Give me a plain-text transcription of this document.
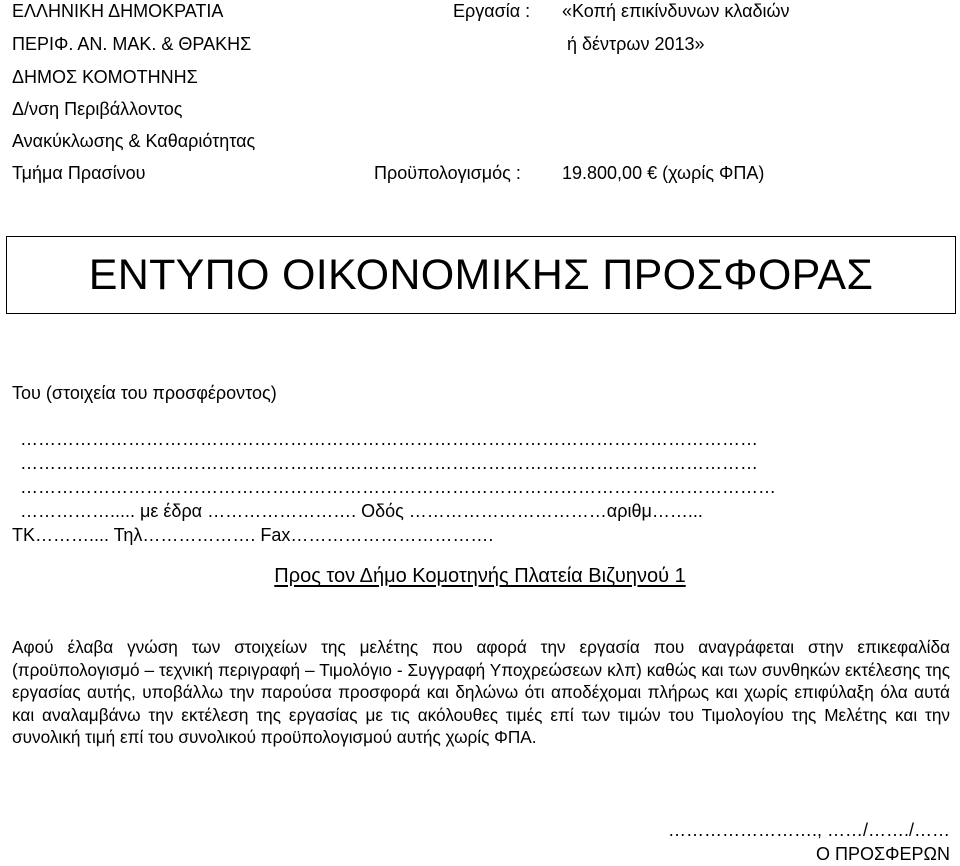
ΕΛΛΗΝΙΚΗ ΔΗΜΟΚΡΑΤΙΑ
ΠΕΡΙΦ. ΑΝ. ΜΑΚ. & ΘΡΑΚΗΣ
ΔΗΜΟΣ ΚΟΜΟΤΗΝΗΣ
Δ/νση Περιβάλλοντος
Ανακύκλωσης & Καθαριότητας
Τμήμα Πρασίνου
Εργασία : «Κοπή επικίνδυνων κλαδιών
ή δέντρων 2013»
Προϋπολογισμός : 19.800,00 € (χωρίς ΦΠΑ)
ΕΝΤΥΠΟ ΟΙΚΟΝΟΜΙΚΗΣ ΠΡΟΣΦΟΡΑΣ
Του (στοιχεία του προσφέροντος)
……………………………………………………………………………………………………………
……………………………………………………………………………………………………………
………………………………………………………………………………………………………………
……………..... με έδρα ……………………. Οδός ……………………………αριθμ……...
ΤΚ……….... Τηλ………………. Fax…………………………….
Προς τον Δήμο Κομοτηνής Πλατεία Βιζυηνού 1
Αφού έλαβα γνώση των στοιχείων της μελέτης που αφορά την εργασία που αναγράφεται στην επικεφαλίδα (προϋπολογισμό – τεχνική περιγραφή – Τιμολόγιο - Συγγραφή Υποχρεώσεων κλπ) καθώς και των συνθηκών εκτέλεσης της εργασίας αυτής, υποβάλλω την παρούσα προσφορά και δηλώνω ότι αποδέχομαι πλήρως και χωρίς επιφύλαξη όλα αυτά και αναλαμβάνω την εκτέλεση της εργασίας με τις ακόλουθες τιμές επί των τιμών του Τιμολογίου της Μελέτης και την συνολική τιμή επί του συνολικού προϋπολογισμού αυτής χωρίς ΦΠΑ.
……………………., ……/……./……
Ο ΠΡΟΣΦΕΡΩΝ
